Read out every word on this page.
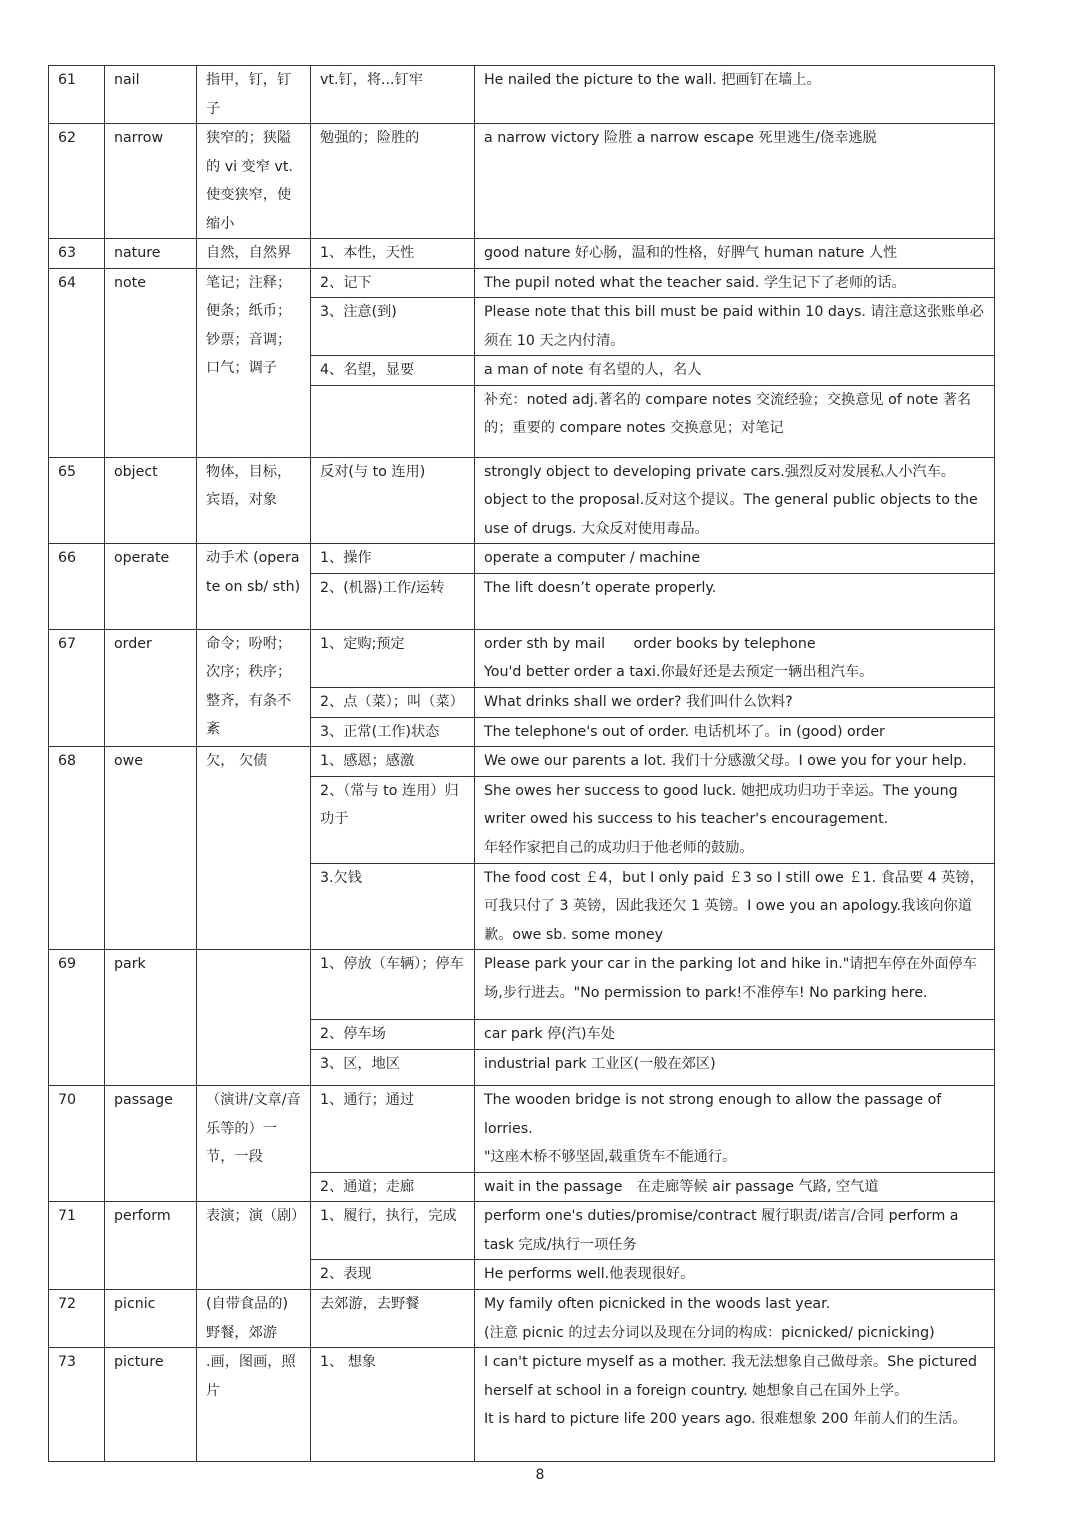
61	nail	指甲，钉，钉子	vt.钉，将...钉牢	He nailed the picture to the wall. 把画钉在墙上。

62	narrow	狭窄的；狭隘的 vi 变窄 vt. 使变狭窄，使缩小	勉强的；险胜的	a narrow victory 险胜 a narrow escape 死里逃生/侥幸逃脱

63	nature	自然，自然界	1、本性，天性	good nature 好心肠，温和的性格，好脾气 human nature 人性

64	note	笔记；注释；便条；纸币；钞票；音调；口气；调子	2、记下	The pupil noted what the teacher said. 学生记下了老师的话。

			3、注意(到)	Please note that this bill must be paid within 10 days. 请注意这张账单必须在 10 天之内付清。

			4、名望，显要	a man of note 有名望的人，名人

				补充：noted adj.著名的 compare notes 交流经验；交换意见 of note 著名的；重要的 compare notes 交换意见；对笔记

65	object	物体，目标，宾语，对象	反对(与 to 连用)	strongly object to developing private cars.强烈反对发展私人小汽车。object to the proposal.反对这个提议。The general public objects to the use of drugs. 大众反对使用毒品。

66	operate	动手术 (operate on sb/ sth)	1、操作	operate a computer / machine

			2、(机器)工作/运转	The lift doesn’t operate properly.

67	order	命令；吩咐；次序；秩序；整齐，有条不紊	1、定购;预定	order sth by mail　　order books by telephone
You'd better order a taxi.你最好还是去预定一辆出租汽车。

			2、点（菜）；叫（菜）	What drinks shall we order? 我们叫什么饮料?

			3、正常(工作)状态	The telephone's out of order. 电话机坏了。in (good) order

68	owe	欠， 欠债	1、感恩；感激	We owe our parents a lot. 我们十分感激父母。I owe you for your help.

			2、（常与 to 连用）归功于	She owes her success to good luck. 她把成功归功于幸运。The young writer owed his success to his teacher's encouragement.
年轻作家把自己的成功归于他老师的鼓励。

			3.欠钱	The food cost ￡4，but I only paid ￡3 so I still owe ￡1. 食品要 4 英镑，可我只付了 3 英镑，因此我还欠 1 英镑。I owe you an apology.我该向你道歉。owe sb. some money

69	park		1、停放（车辆）；停车	Please park your car in the parking lot and hike in."请把车停在外面停车场,步行进去。"No permission to park!不准停车! No parking here.

			2、停车场	car park 停(汽)车处

			3、区，地区	industrial park 工业区(一般在郊区)

70	passage	（演讲/文章/音乐等的）一节，一段	1、通行；通过	The wooden bridge is not strong enough to allow the passage of lorries.
"这座木桥不够坚固,载重货车不能通行。

			2、通道；走廊	wait in the passage　在走廊等候 air passage 气路, 空气道

71	perform	表演；演（剧）	1、履行，执行，完成	perform one's duties/promise/contract 履行职责/诺言/合同 perform a task 完成/执行一项任务

			2、表现	He performs well.他表现很好。

72	picnic	(自带食品的)野餐，郊游	去郊游，去野餐	My family often picnicked in the woods last year.
(注意 picnic 的过去分词以及现在分词的构成：picnicked/ picnicking)

73	picture	.画，图画，照片	1、 想象	I can't picture myself as a mother. 我无法想象自己做母亲。She pictured herself at school in a foreign country. 她想象自己在国外上学。
It is hard to picture life 200 years ago. 很难想象 200 年前人们的生活。
8
